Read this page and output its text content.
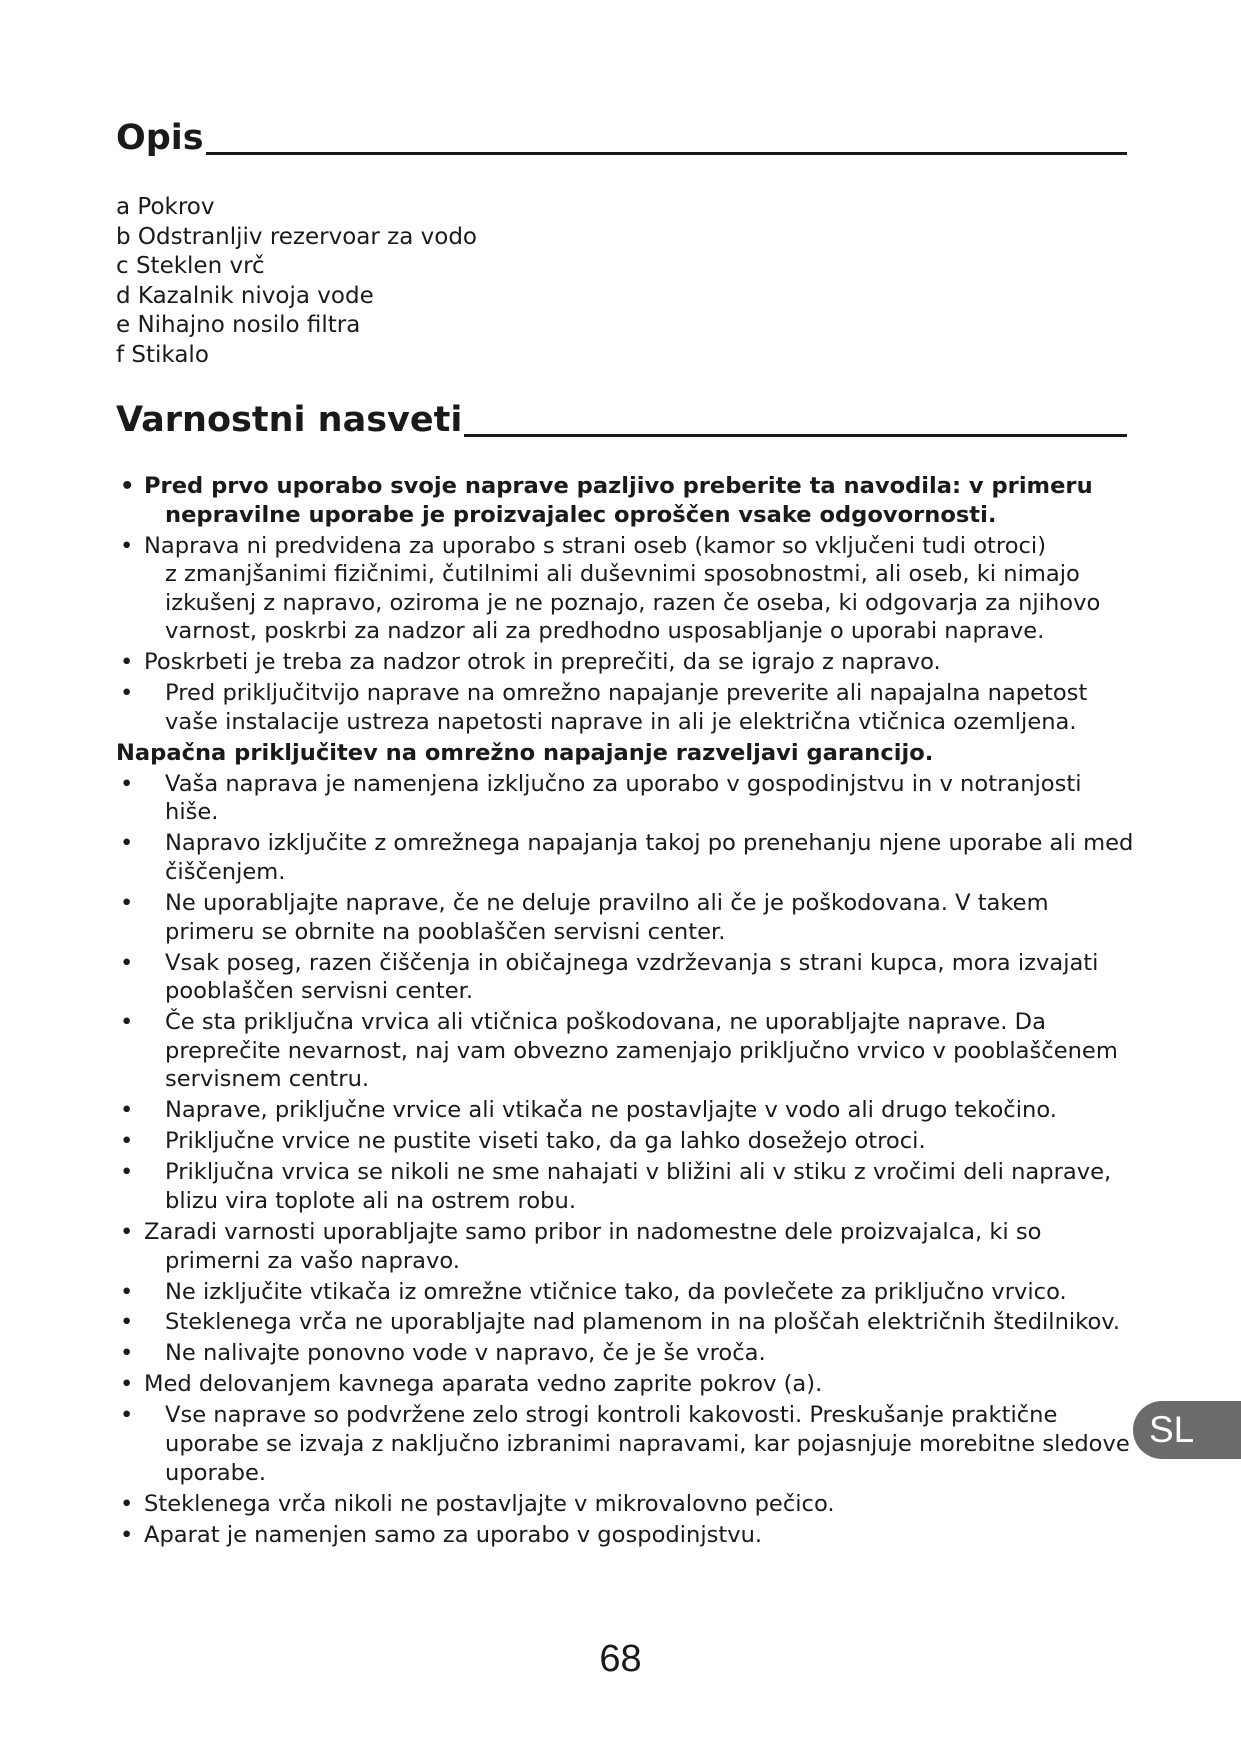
Opis
a Pokrov
b Odstranljiv rezervoar za vodo
c Steklen vrč
d Kazalnik nivoja vode
e Nihajno nosilo filtra
f Stikalo
Varnostni nasveti
• Pred prvo uporabo svoje naprave pazljivo preberite ta navodila: v primeru
nepravilne uporabe je proizvajalec oproščen vsake odgovornosti.
• Naprava ni predvidena za uporabo s strani oseb (kamor so vključeni tudi otroci)
z zmanjšanimi fizičnimi, čutilnimi ali duševnimi sposobnostmi, ali oseb, ki nimajo izkušenj z napravo, oziroma je ne poznajo, razen če oseba, ki odgovarja za njihovo varnost, poskrbi za nadzor ali za predhodno usposabljanje o uporabi naprave.
• Poskrbeti je treba za nadzor otrok in preprečiti, da se igrajo z napravo.
• Pred priključitvijo naprave na omrežno napajanje preverite ali napajalna napetost vaše instalacije ustreza napetosti naprave in ali je električna vtičnica ozemljena.
Napačna priključitev na omrežno napajanje razveljavi garancijo.
• Vaša naprava je namenjena izključno za uporabo v gospodinjstvu in v notranjosti hiše.
• Napravo izključite z omrežnega napajanja takoj po prenehanju njene uporabe ali med čiščenjem.
• Ne uporabljajte naprave, če ne deluje pravilno ali če je poškodovana. V takem primeru se obrnite na pooblaščen servisni center.
• Vsak poseg, razen čiščenja in običajnega vzdrževanja s strani kupca, mora izvajati pooblaščen servisni center.
• Če sta priključna vrvica ali vtičnica poškodovana, ne uporabljajte naprave. Da preprečite nevarnost, naj vam obvezno zamenjajo priključno vrvico v pooblaščenem servisnem centru.
• Naprave, priključne vrvice ali vtikača ne postavljajte v vodo ali drugo tekočino.
• Priključne vrvice ne pustite viseti tako, da ga lahko dosežejo otroci.
• Priključna vrvica se nikoli ne sme nahajati v bližini ali v stiku z vročimi deli naprave, blizu vira toplote ali na ostrem robu.
• Zaradi varnosti uporabljajte samo pribor in nadomestne dele proizvajalca, ki so
primerni za vašo napravo.
• Ne izključite vtikača iz omrežne vtičnice tako, da povlečete za priključno vrvico.
• Steklenega vrča ne uporabljajte nad plamenom in na ploščah električnih štedilnikov.
• Ne nalivajte ponovno vode v napravo, če je še vroča.
• Med delovanjem kavnega aparata vedno zaprite pokrov (a).
• Vse naprave so podvržene zelo strogi kontroli kakovosti. Preskušanje praktične uporabe se izvaja z naključno izbranimi napravami, kar pojasnjuje morebitne sledove uporabe.
• Steklenega vrča nikoli ne postavljajte v mikrovalovno pečico.
• Aparat je namenjen samo za uporabo v gospodinjstvu.
68
SL
